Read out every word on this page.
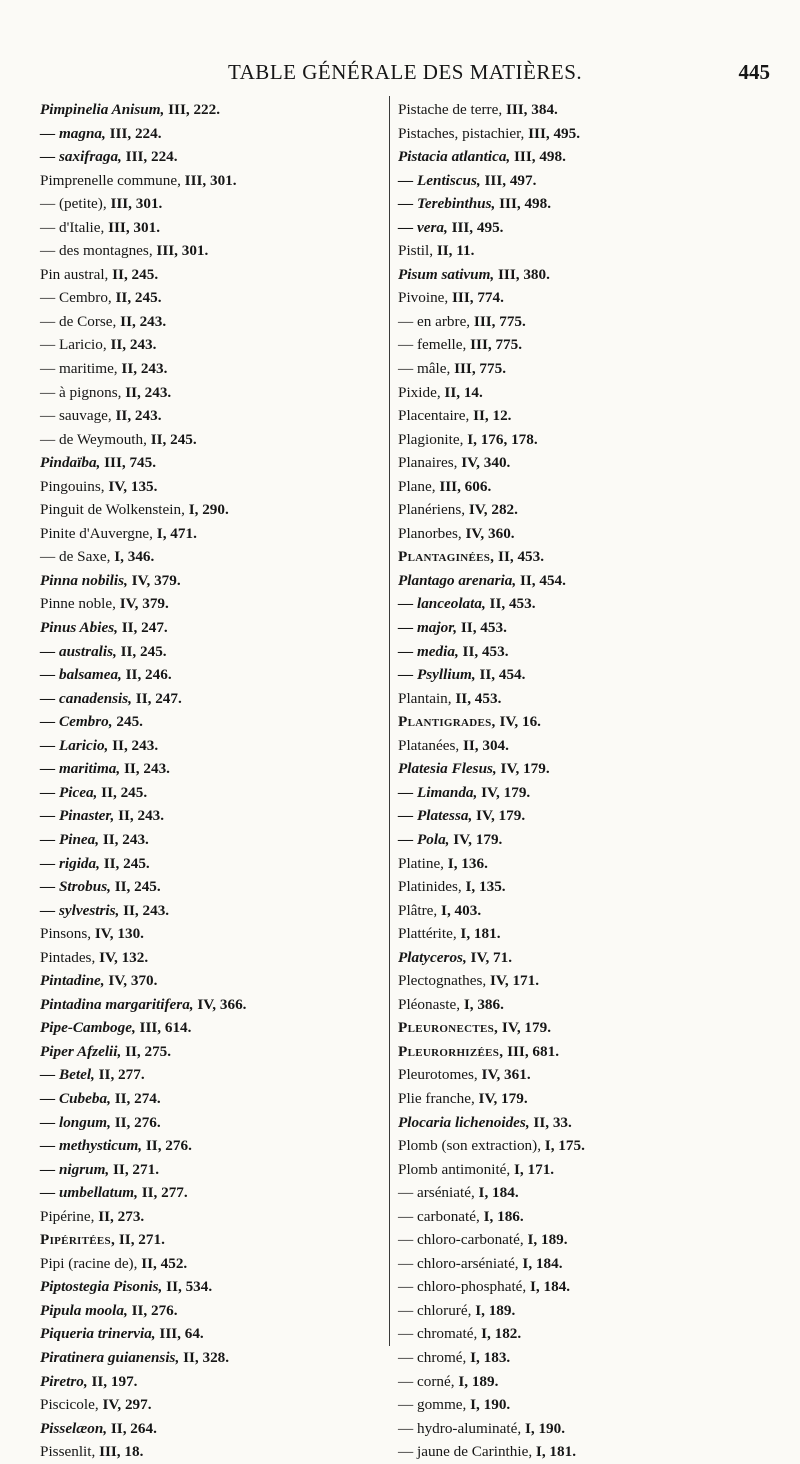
TABLE GÉNÉRALE DES MATIÈRES.	445
Pimpinelia Anisum, III, 222.
— magna, III, 224.
— saxifraga, III, 224.
Pimprenelle commune, III, 301.
— (petite), III, 301.
— d'Italie, III, 301.
— des montagnes, III, 301.
Pin austral, II, 245.
— Cembro, II, 245.
— de Corse, II, 243.
— Laricio, II, 243.
— maritime, II, 243.
— à pignons, II, 243.
— sauvage, II, 243.
— de Weymouth, II, 245.
Pindaïba, III, 745.
Pingouins, IV, 135.
Pinguit de Wolkenstein, I, 290.
Pinite d'Auvergne, I, 471.
— de Saxe, I, 346.
Pinna nobilis, IV, 379.
Pinne noble, IV, 379.
Pinus Abies, II, 247.
— australis, II, 245.
— balsamea, II, 246.
— canadensis, II, 247.
— Cembro, 245.
— Laricio, II, 243.
— maritima, II, 243.
— Picea, II, 245.
— Pinaster, II, 243.
— Pinea, II, 243.
— rigida, II, 245.
— Strobus, II, 245.
— sylvestris, II, 243.
Pinsons, IV, 130.
Pintades, IV, 132.
Pintadine, IV, 370.
Pintadina margaritifera, IV, 366.
Pipe-Camboge, III, 614.
Piper Afzelii, II, 275.
— Betel, II, 277.
— Cubeba, II, 274.
— longum, II, 276.
— methysticum, II, 276.
— nigrum, II, 271.
— umbellatum, II, 277.
Pipérine, II, 273.
Pipéritées, II, 271.
Pipi (racine de), II, 452.
Piptostegia Pisonis, II, 534.
Pipula moola, II, 276.
Piqueria trinervia, III, 64.
Piratinera guianensis, II, 328.
Piretro, II, 197.
Piscicole, IV, 297.
Pisselæon, II, 264.
Pissenlit, III, 18.
Pistache de terre, III, 384.
Pistaches, pistachier, III, 495.
Pistacia atlantica, III, 498.
— Lentiscus, III, 497.
— Terebinthus, III, 498.
— vera, III, 495.
Pistil, II, 11.
Pisum sativum, III, 380.
Pivoine, III, 774.
— en arbre, III, 775.
— femelle, III, 775.
— mâle, III, 775.
Pixide, II, 14.
Placentaire, II, 12.
Plagionite, I, 176, 178.
Planaires, IV, 340.
Plane, III, 606.
Planériens, IV, 282.
Planorbes, IV, 360.
Plantaginées, II, 453.
Plantago arenaria, II, 454.
— lanceolata, II, 453.
— major, II, 453.
— media, II, 453.
— Psyllium, II, 454.
Plantain, II, 453.
Plantigrades, IV, 16.
Platanées, II, 304.
Platesia Flesus, IV, 179.
— Limanda, IV, 179.
— Platessa, IV, 179.
— Pola, IV, 179.
Platine, I, 136.
Platinides, I, 135.
Plâtre, I, 403.
Plattérite, I, 181.
Platyceros, IV, 71.
Plectognathes, IV, 171.
Pléonaste, I, 386.
Pleuronectes, IV, 179.
Pleurorhizées, III, 681.
Pleurotomes, IV, 361.
Plie franche, IV, 179.
Plocaria lichenoides, II, 33.
Plomb (son extraction), I, 175.
Plomb antimonité, I, 171.
— arséniaté, I, 184.
— carbonaté, I, 186.
— chloro-carbonaté, I, 189.
— chloro-arséniaté, I, 184.
— chloro-phosphaté, I, 184.
— chloruré, I, 189.
— chromaté, I, 182.
— chromé, I, 183.
— corné, I, 189.
— gomme, I, 190.
— hydro-aluminaté, I, 190.
— jaune de Carinthie, I, 181.
